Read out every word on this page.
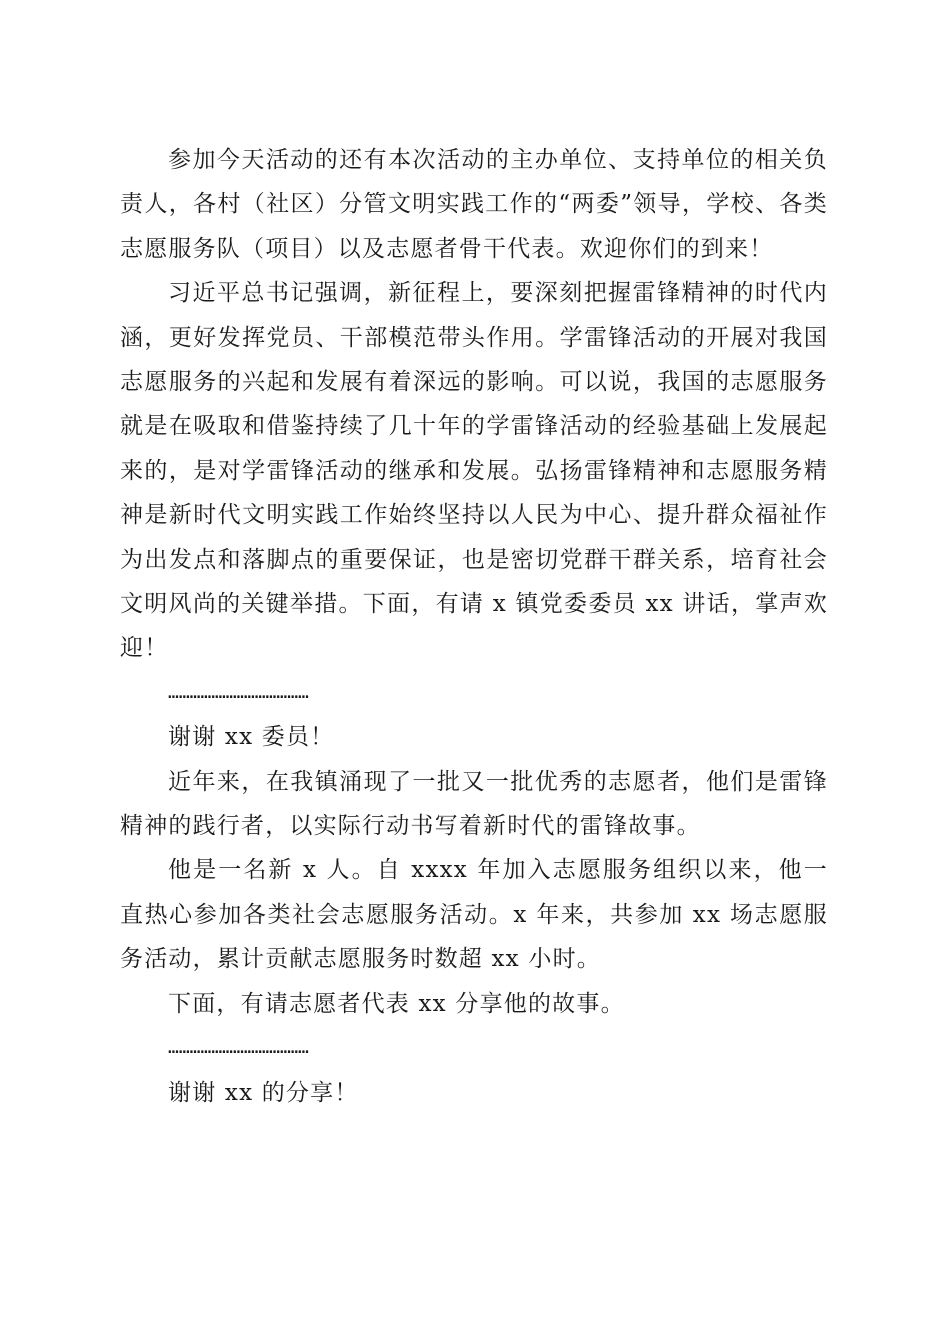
参加今天活动的还有本次活动的主办单位、支持单位的相关负责人，各村（社区）分管文明实践工作的“两委”领导，学校、各类志愿服务队（项目）以及志愿者骨干代表。欢迎你们的到来！

习近平总书记强调，新征程上，要深刻把握雷锋精神的时代内涵，更好发挥党员、干部模范带头作用。学雷锋活动的开展对我国志愿服务的兴起和发展有着深远的影响。可以说，我国的志愿服务就是在吸取和借鉴持续了几十年的学雷锋活动的经验基础上发展起来的，是对学雷锋活动的继承和发展。弘扬雷锋精神和志愿服务精神是新时代文明实践工作始终坚持以人民为中心、提升群众福祉作为出发点和落脚点的重要保证，也是密切党群干群关系，培育社会文明风尚的关键举措。下面，有请 x 镇党委委员 xx 讲话，掌声欢迎！

…………………………………

谢谢 xx 委员！

近年来，在我镇涌现了一批又一批优秀的志愿者，他们是雷锋精神的践行者，以实际行动书写着新时代的雷锋故事。

他是一名新 x 人。自 xxxx 年加入志愿服务组织以来，他一直热心参加各类社会志愿服务活动。x 年来，共参加 xx 场志愿服务活动，累计贡献志愿服务时数超 xx 小时。

下面，有请志愿者代表 xx 分享他的故事。

…………………………………

谢谢 xx 的分享！
